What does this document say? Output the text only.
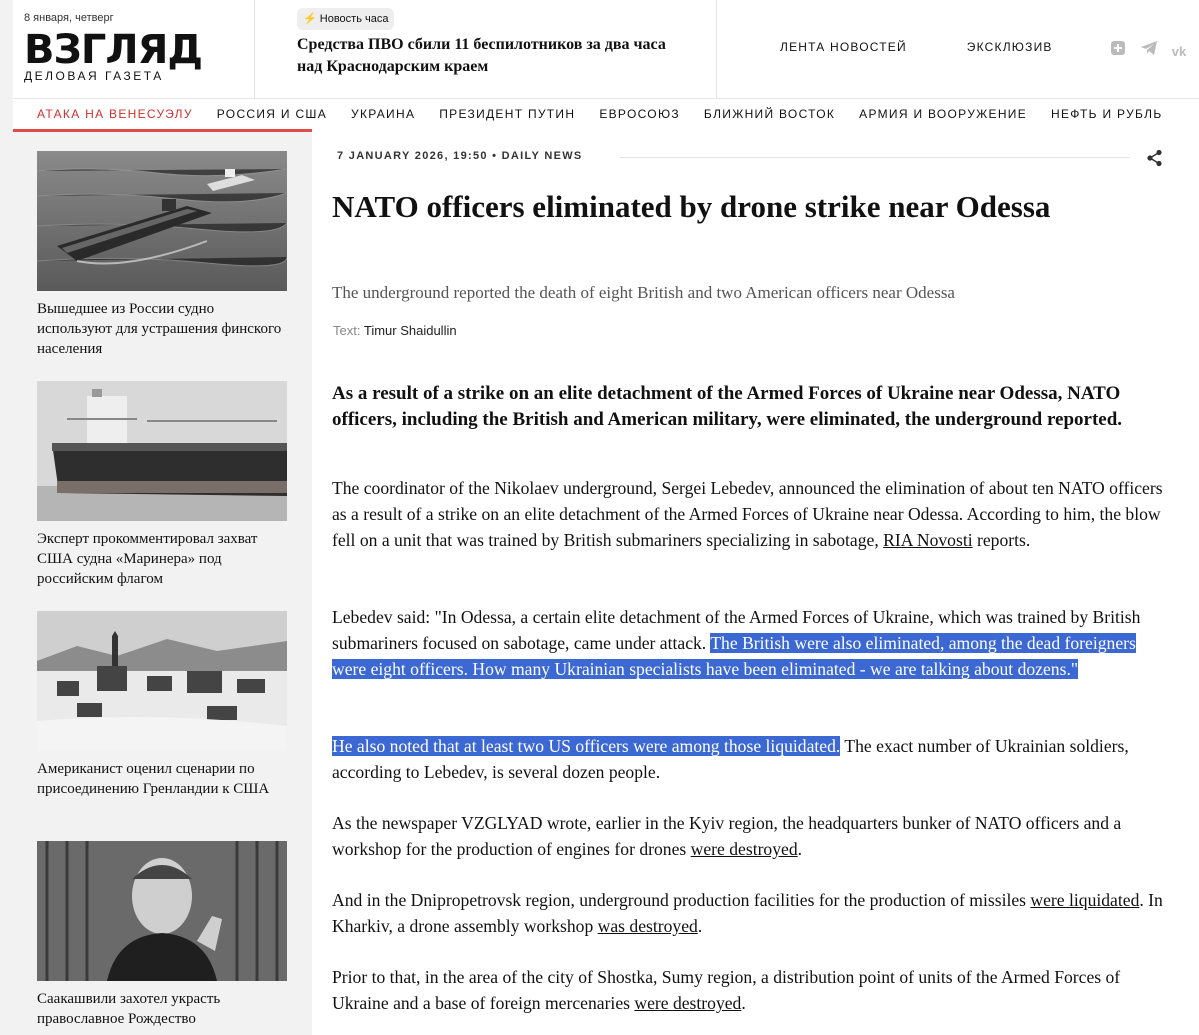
8 января, четверг
ВЗГЛЯД
ДЕЛОВАЯ ГАЗЕТА
⚡ Новость часа
Средства ПВО сбили 11 беспилотников за два часа над Краснодарским краем
ЛЕНТА НОВОСТЕЙ	ЭКСКЛЮЗИВ	vk
АТАКА НА ВЕНЕСУЭЛУ РОССИЯ И США УКРАИНА ПРЕЗИДЕНТ ПУТИН ЕВРОСОЮЗ БЛИЖНИЙ ВОСТОК АРМИЯ И ВООРУЖЕНИЕ НЕФТЬ И РУБЛЬ
Вышедшее из России судно используют для устрашения финского населения
Эксперт прокомментировал захват США судна «Маринера» под российским флагом
Американист оценил сценарии по присоединению Гренландии к США
Саакашвили захотел украсть православное Рождество
7 JANUARY 2026, 19:50 • DAILY NEWS
NATO officers eliminated by drone strike near Odessa
The underground reported the death of eight British and two American officers near Odessa
Text: Timur Shaidullin
As a result of a strike on an elite detachment of the Armed Forces of Ukraine near Odessa, NATO officers, including the British and American military, were eliminated, the underground reported.
The coordinator of the Nikolaev underground, Sergei Lebedev, announced the elimination of about ten NATO officers as a result of a strike on an elite detachment of the Armed Forces of Ukraine near Odessa. According to him, the blow fell on a unit that was trained by British submariners specializing in sabotage, RIA Novosti reports.
Lebedev said: "In Odessa, a certain elite detachment of the Armed Forces of Ukraine, which was trained by British submariners focused on sabotage, came under attack. The British were also eliminated, among the dead foreigners were eight officers. How many Ukrainian specialists have been eliminated - we are talking about dozens."
He also noted that at least two US officers were among those liquidated. The exact number of Ukrainian soldiers, according to Lebedev, is several dozen people.
As the newspaper VZGLYAD wrote, earlier in the Kyiv region, the headquarters bunker of NATO officers and a workshop for the production of engines for drones were destroyed.
And in the Dnipropetrovsk region, underground production facilities for the production of missiles were liquidated. In Kharkiv, a drone assembly workshop was destroyed.
Prior to that, in the area of the city of Shostka, Sumy region, a distribution point of units of the Armed Forces of Ukraine and a base of foreign mercenaries were destroyed.
